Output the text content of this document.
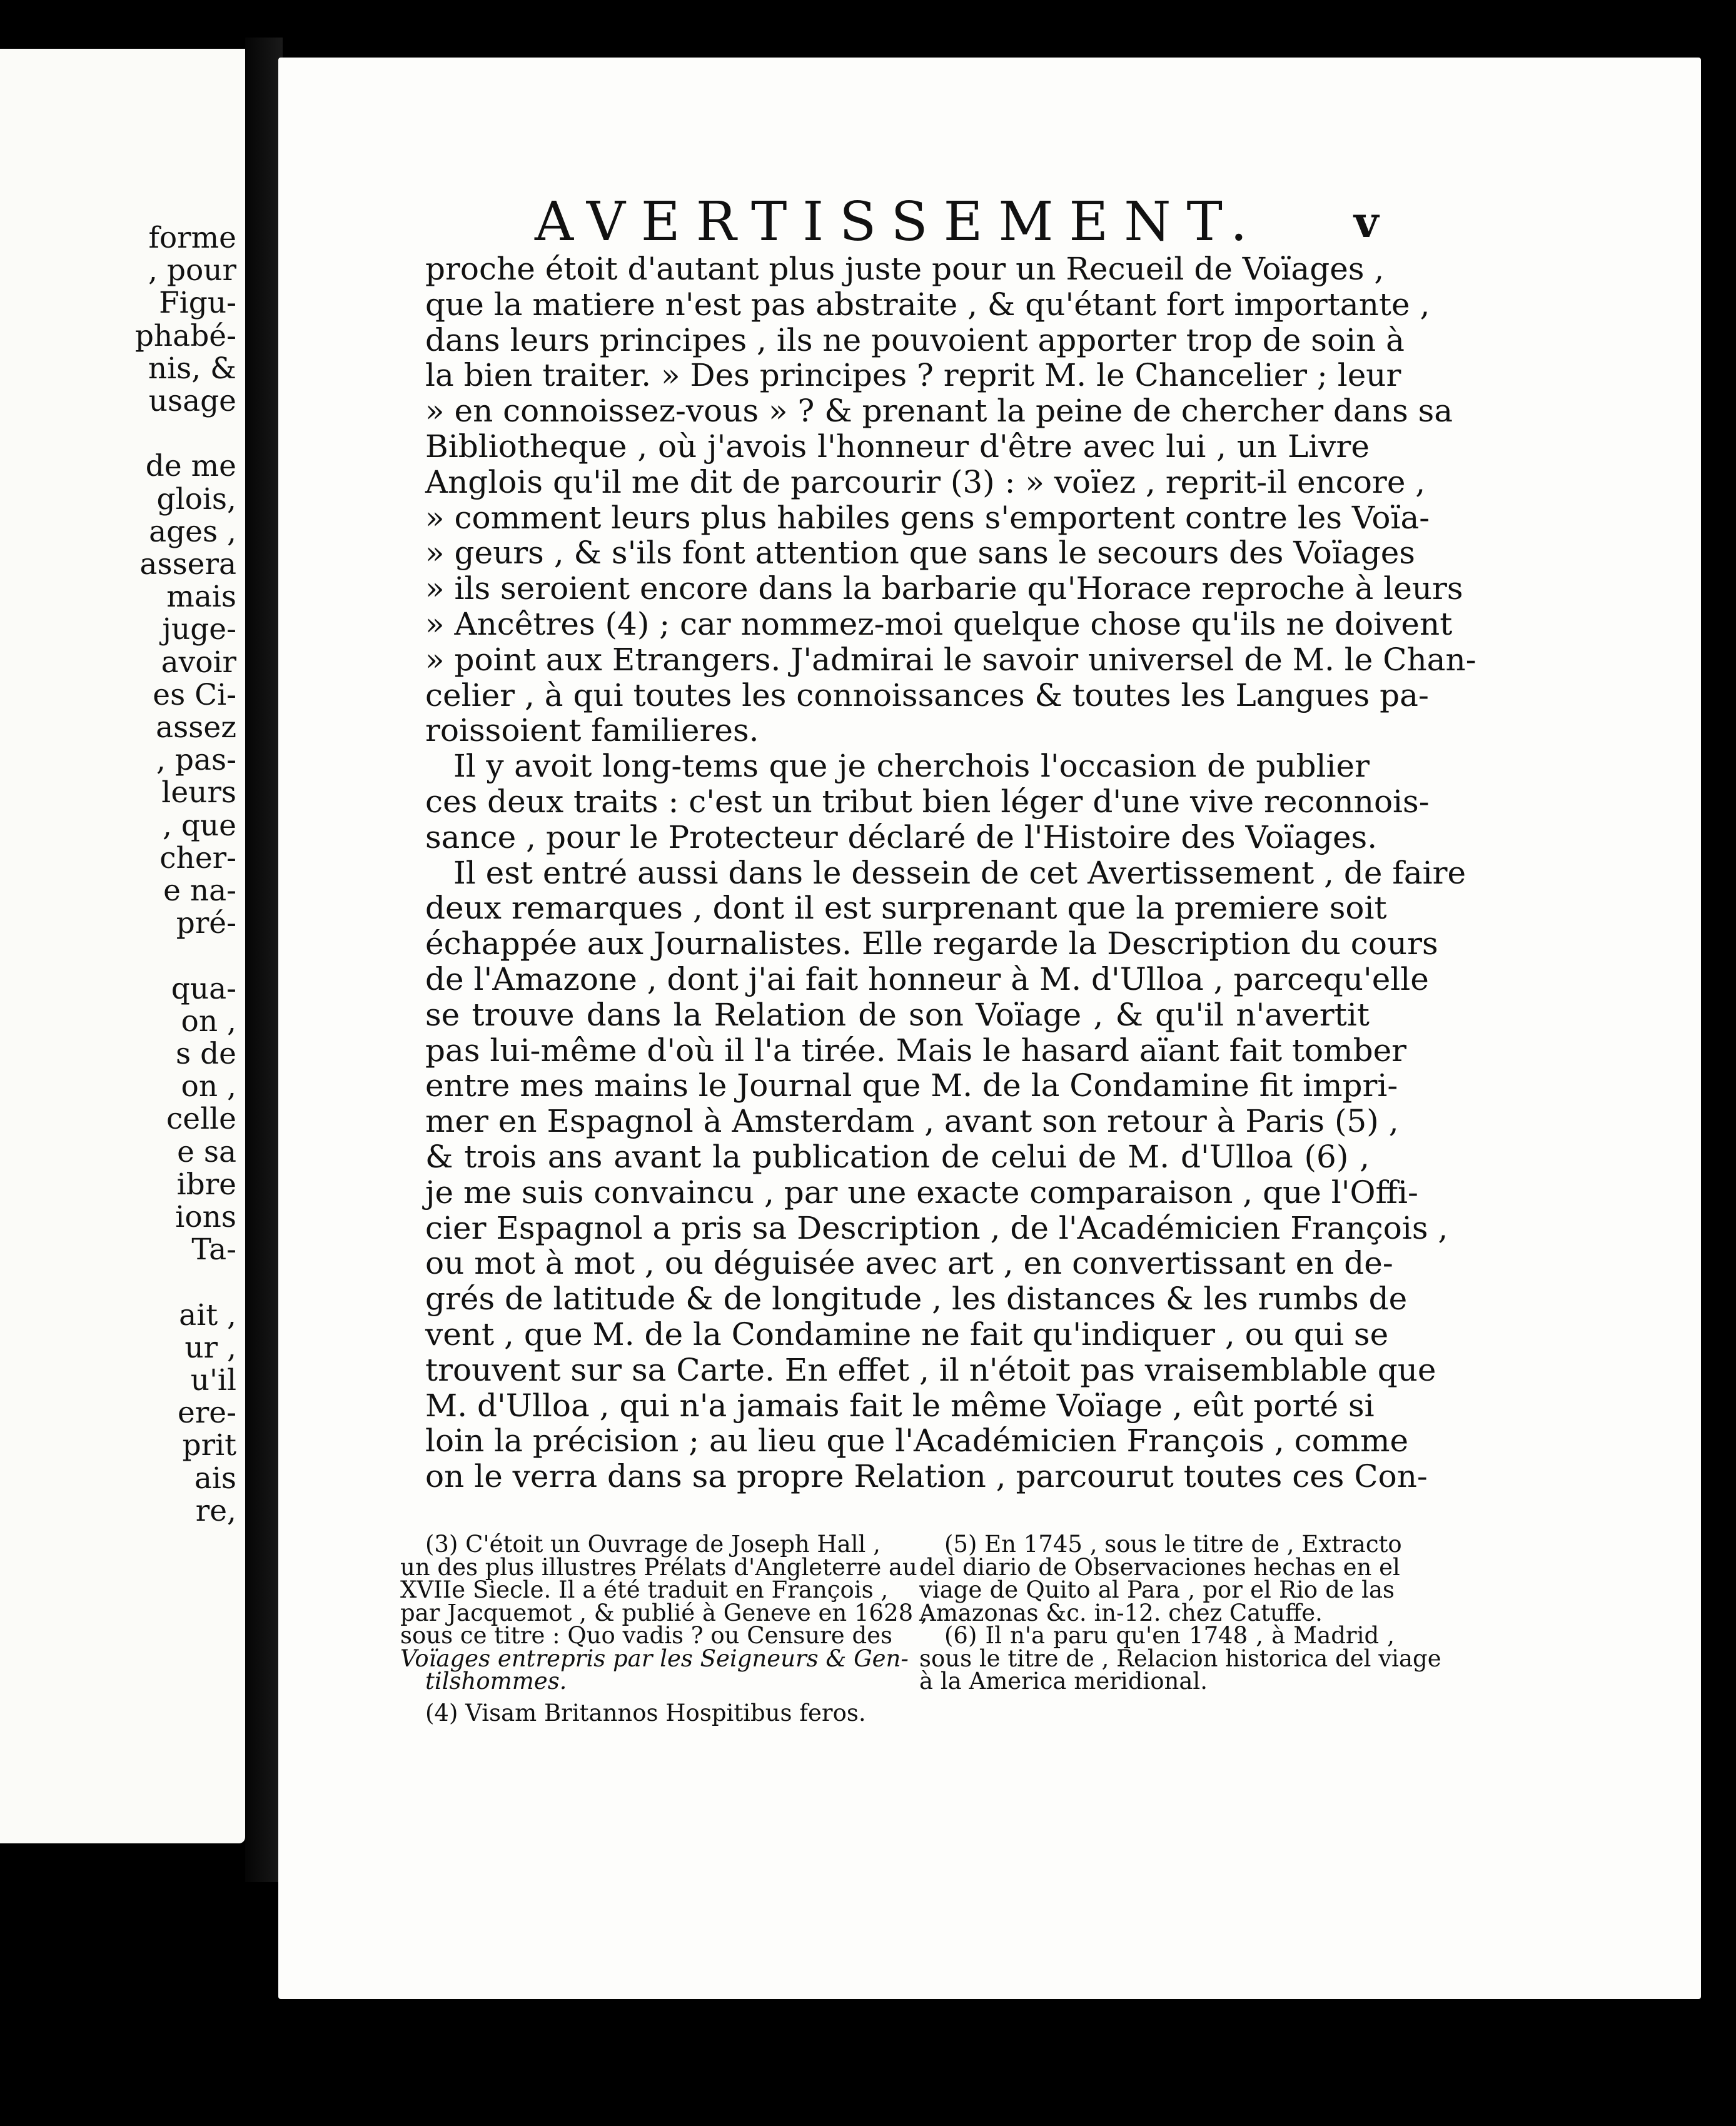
forme
, pour
Figu-
phabé-
nis, &
usage
de me
glois,
ages ,
assera
mais
juge-
avoir
es Ci-
assez
, pas-
leurs
, que
cher-
e na-
pré-
qua-
on ,
s de
on ,
celle
e sa
ibre
ions
Ta-
ait ,
ur ,
u'il
ere-
prit
ais
re,
AVERTISSEMENT. v
proche étoit d'autant plus juste pour un Recueil de Voïages ,
que la matiere n'est pas abstraite , & qu'étant fort importante ,
dans leurs principes , ils ne pouvoient apporter trop de soin à
la bien traiter. » Des principes ? reprit M. le Chancelier ; leur
» en connoissez-vous » ? & prenant la peine de chercher dans sa
Bibliotheque , où j'avois l'honneur d'être avec lui , un Livre
Anglois qu'il me dit de parcourir (3) : » voïez , reprit-il encore ,
» comment leurs plus habiles gens s'emportent contre les Voïa-
» geurs , & s'ils font attention que sans le secours des Voïages
» ils seroient encore dans la barbarie qu'Horace reproche à leurs
» Ancêtres (4) ; car nommez-moi quelque chose qu'ils ne doivent
» point aux Etrangers. J'admirai le savoir universel de M. le Chan-
celier , à qui toutes les connoissances & toutes les Langues pa-
roissoient familieres.
Il y avoit long-tems que je cherchois l'occasion de publier
ces deux traits : c'est un tribut bien léger d'une vive reconnois-
sance , pour le Protecteur déclaré de l'Histoire des Voïages.
Il est entré aussi dans le dessein de cet Avertissement , de faire
deux remarques , dont il est surprenant que la premiere soit
échappée aux Journalistes. Elle regarde la Description du cours
de l'Amazone , dont j'ai fait honneur à M. d'Ulloa , parcequ'elle
se trouve dans la Relation de son Voïage , & qu'il n'avertit
pas lui-même d'où il l'a tirée. Mais le hasard aïant fait tomber
entre mes mains le Journal que M. de la Condamine fit impri-
mer en Espagnol à Amsterdam , avant son retour à Paris (5) ,
& trois ans avant la publication de celui de M. d'Ulloa (6) ,
je me suis convaincu , par une exacte comparaison , que l'Offi-
cier Espagnol a pris sa Description , de l'Académicien François ,
ou mot à mot , ou déguisée avec art , en convertissant en de-
grés de latitude & de longitude , les distances & les rumbs de
vent , que M. de la Condamine ne fait qu'indiquer , ou qui se
trouvent sur sa Carte. En effet , il n'étoit pas vraisemblable que
M. d'Ulloa , qui n'a jamais fait le même Voïage , eût porté si
loin la précision ; au lieu que l'Académicien François , comme
on le verra dans sa propre Relation , parcourut toutes ces Con-
(3) C'étoit un Ouvrage de Joseph Hall ,
un des plus illustres Prélats d'Angleterre au
XVIIe Siecle. Il a été traduit en François ,
par Jacquemot , & publié à Geneve en 1628 ,
sous ce titre : Quo vadis ? ou Censure des
Voïages entrepris par les Seigneurs & Gen-
tilshommes.
(4) Visam Britannos Hospitibus feros.
(5) En 1745 , sous le titre de , Extracto
del diario de Observaciones hechas en el
viage de Quito al Para , por el Rio de las
Amazonas &c. in-12. chez Catuffe.
(6) Il n'a paru qu'en 1748 , à Madrid ,
sous le titre de , Relacion historica del viage
à la America meridional.
